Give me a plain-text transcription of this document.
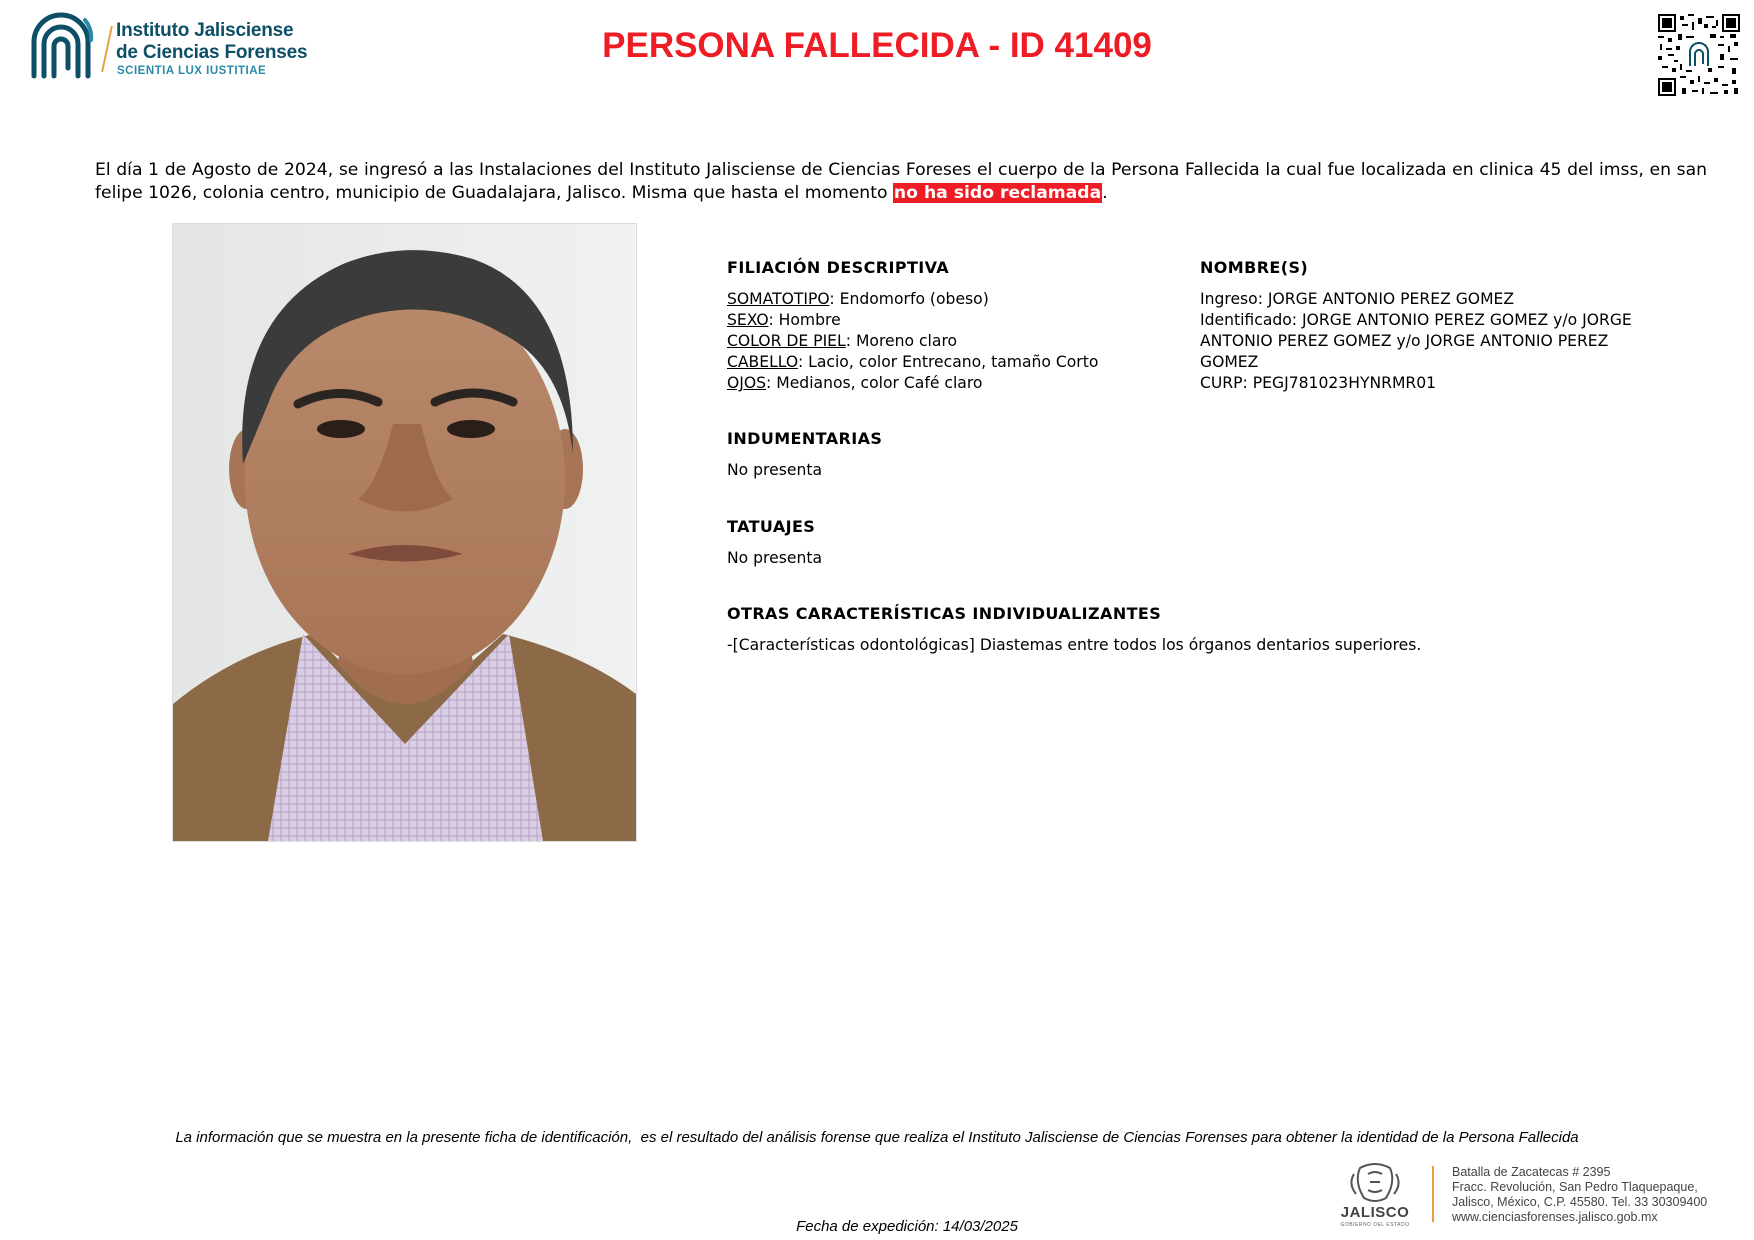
Instituto Jalisciense
de Ciencias Forenses
SCIENTIA LUX IUSTITIAE
PERSONA FALLECIDA - ID 41409
El día 1 de Agosto de 2024, se ingresó a las Instalaciones del Instituto Jalisciense de Ciencias Foreses el cuerpo de la Persona Fallecida la cual fue localizada en clinica 45 del imss, en san felipe 1026, colonia centro, municipio de Guadalajara, Jalisco. Misma que hasta el momento no ha sido reclamada.
FILIACIÓN DESCRIPTIVA
SOMATOTIPO: Endomorfo (obeso)
SEXO: Hombre
COLOR DE PIEL: Moreno claro
CABELLO: Lacio, color Entrecano, tamaño Corto
OJOS: Medianos, color Café claro
NOMBRE(S)
Ingreso: JORGE ANTONIO PEREZ GOMEZ
Identificado: JORGE ANTONIO PEREZ GOMEZ y/o JORGE ANTONIO PEREZ GOMEZ y/o JORGE ANTONIO PEREZ GOMEZ
CURP: PEGJ781023HYNRMR01
INDUMENTARIAS
No presenta
TATUAJES
No presenta
OTRAS CARACTERÍSTICAS INDIVIDUALIZANTES
-[Características odontológicas] Diastemas entre todos los órganos dentarios superiores.
La información que se muestra en la presente ficha de identificación,  es el resultado del análisis forense que realiza el Instituto Jalisciense de Ciencias Forenses para obtener la identidad de la Persona Fallecida
JALISCO
GOBIERNO DEL ESTADO
Batalla de Zacatecas # 2395
Fracc. Revolución, San Pedro Tlaquepaque,
Jalisco, México, C.P. 45580. Tel. 33 30309400
www.cienciasforenses.jalisco.gob.mx
Fecha de expedición: 14/03/2025
